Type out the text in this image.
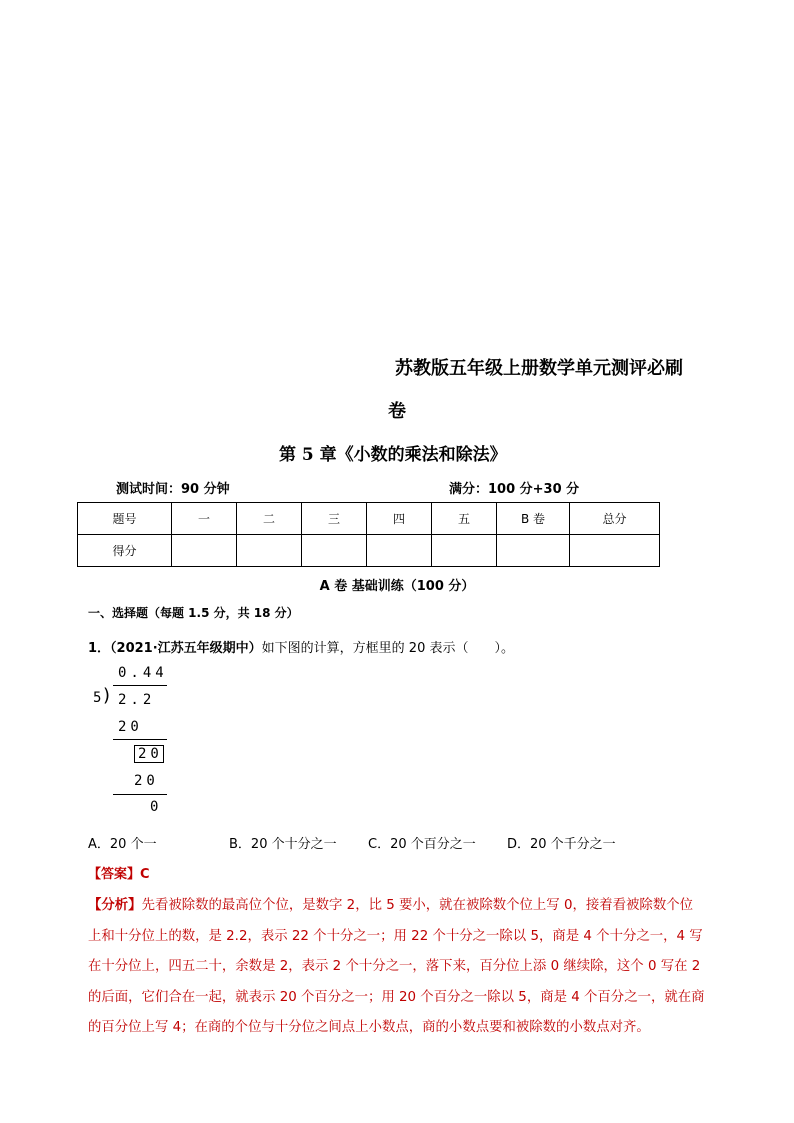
苏教版五年级上册数学单元测评必刷
卷
第 5 章《小数的乘法和除法》
测试时间：90 分钟	满分：100 分+30 分
题号	一	二	三	四	五	B 卷	总分
得分							
A 卷 基础训练（100 分）
一、选择题（每题 1.5 分，共 18 分）
1．（2021·江苏五年级期中）如下图的计算，方框里的 20 表示（　　）。
0.44
5
) 2.2
20
20
20
0
A．20 个一	B．20 个十分之一 C．20 个百分之一 D．20 个千分之一
【答案】C
【分析】先看被除数的最高位个位，是数字 2，比 5 要小，就在被除数个位上写 0，接着看被除数个位上和十分位上的数，是 2.2，表示 22 个十分之一；用 22 个十分之一除以 5，商是 4 个十分之一，4 写在十分位上，四五二十，余数是 2，表示 2 个十分之一，落下来，百分位上添 0 继续除，这个 0 写在 2 的后面，它们合在一起，就表示 20 个百分之一；用 20 个百分之一除以 5，商是 4 个百分之一，就在商的百分位上写 4；在商的个位与十分位之间点上小数点，商的小数点要和被除数的小数点对齐。
